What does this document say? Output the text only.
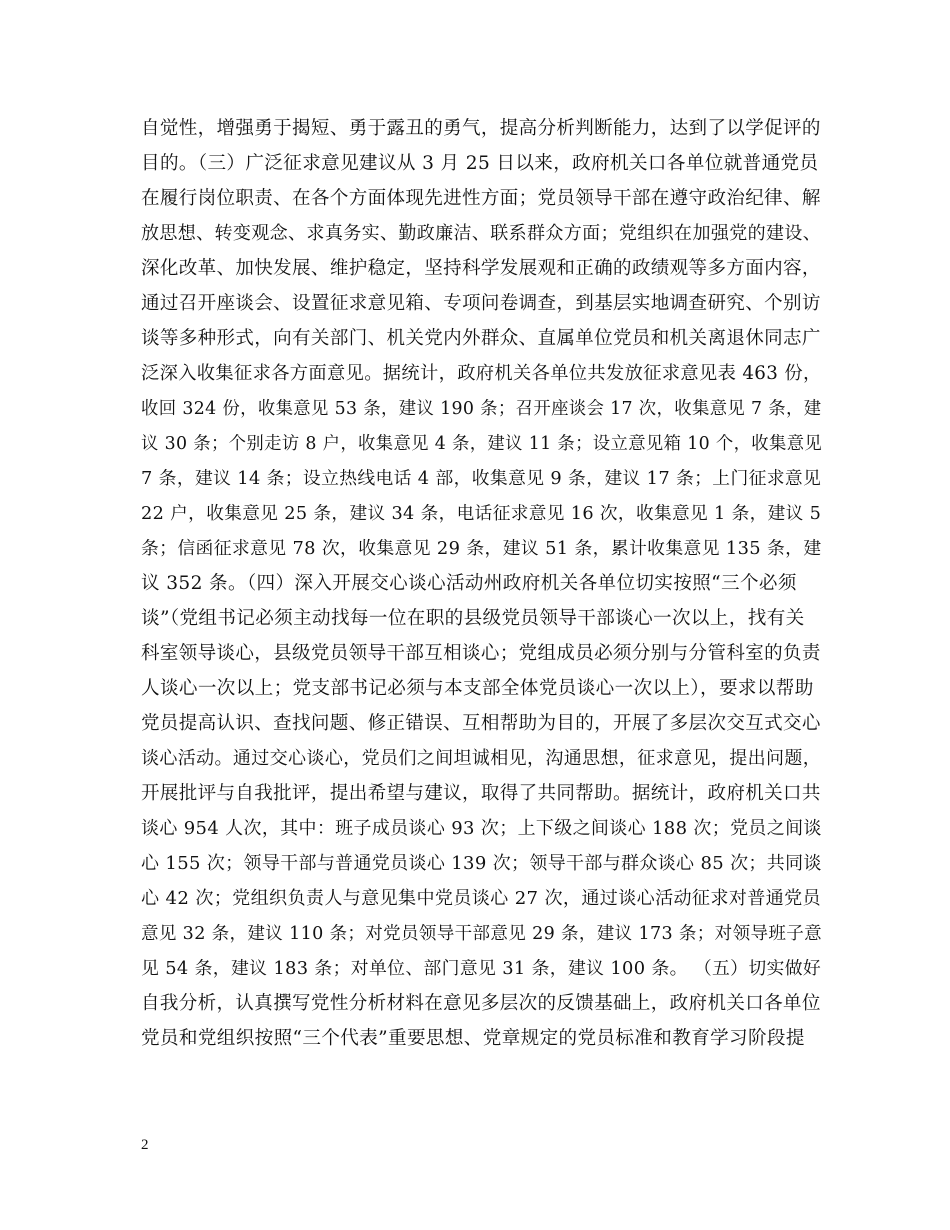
自觉性，增强勇于揭短、勇于露丑的勇气，提高分析判断能力，达到了以学促评的
目的。（三）广泛征求意见建议从 3 月 25 日以来，政府机关口各单位就普通党员
在履行岗位职责、在各个方面体现先进性方面；党员领导干部在遵守政治纪律、解
放思想、转变观念、求真务实、勤政廉洁、联系群众方面；党组织在加强党的建设、
深化改革、加快发展、维护稳定，坚持科学发展观和正确的政绩观等多方面内容，
通过召开座谈会、设置征求意见箱、专项问卷调查，到基层实地调查研究、个别访
谈等多种形式，向有关部门、机关党内外群众、直属单位党员和机关离退休同志广
泛深入收集征求各方面意见。据统计，政府机关各单位共发放征求意见表 463 份，
收回 324 份，收集意见 53 条，建议 190 条；召开座谈会 17 次，收集意见 7 条，建
议 30 条；个别走访 8 户，收集意见 4 条，建议 11 条；设立意见箱 10 个，收集意见
7 条，建议 14 条；设立热线电话 4 部，收集意见 9 条，建议 17 条；上门征求意见
22 户，收集意见 25 条，建议 34 条，电话征求意见 16 次，收集意见 1 条，建议 5
条；信函征求意见 78 次，收集意见 29 条，建议 51 条，累计收集意见 135 条，建
议 352 条。（四）深入开展交心谈心活动州政府机关各单位切实按照“三个必须
谈”（党组书记必须主动找每一位在职的县级党员领导干部谈心一次以上，找有关
科室领导谈心，县级党员领导干部互相谈心；党组成员必须分别与分管科室的负责
人谈心一次以上；党支部书记必须与本支部全体党员谈心一次以上），要求以帮助
党员提高认识、查找问题、修正错误、互相帮助为目的，开展了多层次交互式交心
谈心活动。通过交心谈心，党员们之间坦诚相见，沟通思想，征求意见，提出问题，
开展批评与自我批评，提出希望与建议，取得了共同帮助。据统计，政府机关口共
谈心 954 人次，其中：班子成员谈心 93 次；上下级之间谈心 188 次；党员之间谈
心 155 次；领导干部与普通党员谈心 139 次；领导干部与群众谈心 85 次；共同谈
心 42 次；党组织负责人与意见集中党员谈心 27 次，通过谈心活动征求对普通党员
意见 32 条，建议 110 条；对党员领导干部意见 29 条，建议 173 条；对领导班子意
见 54 条，建议 183 条；对单位、部门意见 31 条，建议 100 条。 （五）切实做好
自我分析，认真撰写党性分析材料在意见多层次的反馈基础上，政府机关口各单位
党员和党组织按照“三个代表”重要思想、党章规定的党员标准和教育学习阶段提
2
